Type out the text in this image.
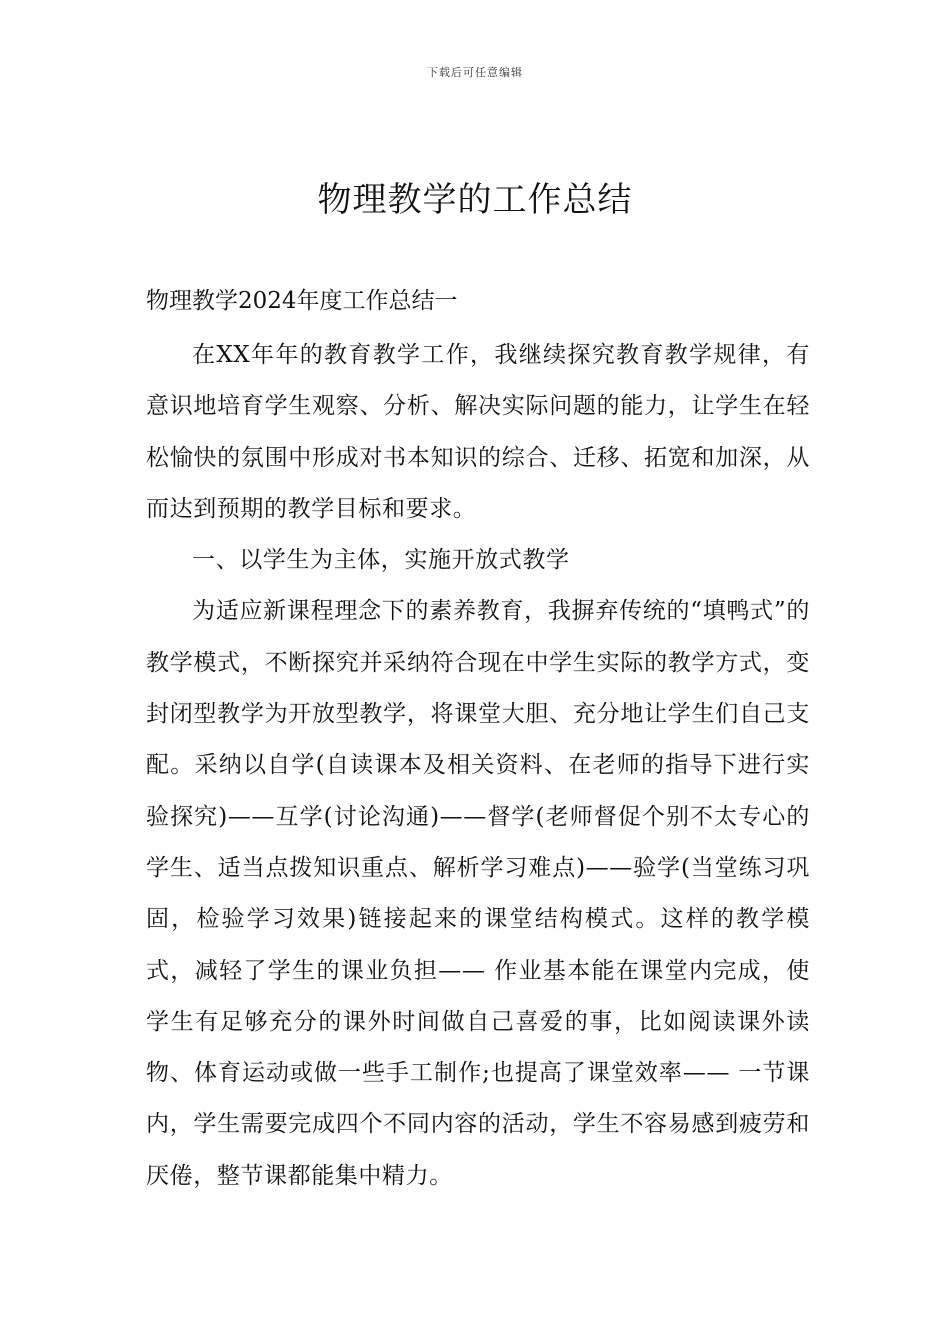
下载后可任意编辑
物理教学的工作总结
物理教学2024年度工作总结一

在XX年年的教育教学工作，我继续探究教育教学规律，有意识地培育学生观察、分析、解决实际问题的能力，让学生在轻松愉快的氛围中形成对书本知识的综合、迁移、拓宽和加深，从而达到预期的教学目标和要求。

一、以学生为主体，实施开放式教学

为适应新课程理念下的素养教育，我摒弃传统的“填鸭式”的教学模式，不断探究并采纳符合现在中学生实际的教学方式，变封闭型教学为开放型教学，将课堂大胆、充分地让学生们自己支配。采纳以自学(自读课本及相关资料、在老师的指导下进行实验探究)——互学(讨论沟通)——督学(老师督促个别不太专心的学生、适当点拨知识重点、解析学习难点)——验学(当堂练习巩固，检验学习效果)链接起来的课堂结构模式。这样的教学模式，减轻了学生的课业负担—— 作业基本能在课堂内完成，使学生有足够充分的课外时间做自己喜爱的事，比如阅读课外读物、体育运动或做一些手工制作;也提高了课堂效率—— 一节课内，学生需要完成四个不同内容的活动，学生不容易感到疲劳和厌倦，整节课都能集中精力。
